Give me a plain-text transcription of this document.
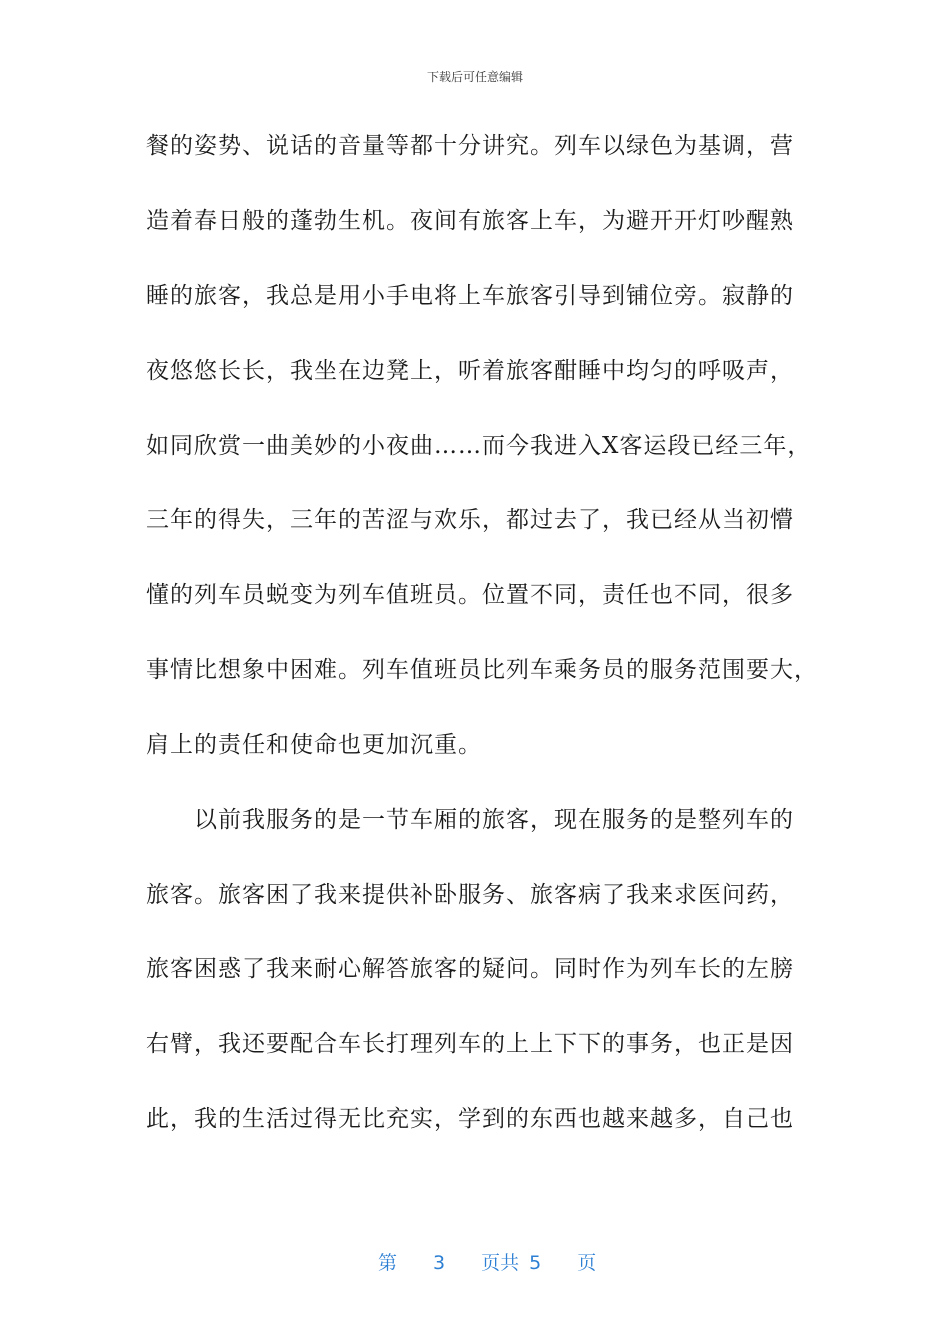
下载后可任意编辑
餐的姿势、说话的音量等都十分讲究。列车以绿色为基调，营
造着春日般的蓬勃生机。夜间有旅客上车，为避开开灯吵醒熟
睡的旅客，我总是用小手电将上车旅客引导到铺位旁。寂静的
夜悠悠长长，我坐在边凳上，听着旅客酣睡中均匀的呼吸声，
如同欣赏一曲美妙的小夜曲……而今我进入X客运段已经三年，
三年的得失，三年的苦涩与欢乐，都过去了，我已经从当初懵
懂的列车员蜕变为列车值班员。位置不同，责任也不同，很多
事情比想象中困难。列车值班员比列车乘务员的服务范围要大，
肩上的责任和使命也更加沉重。
以前我服务的是一节车厢的旅客，现在服务的是整列车的
旅客。旅客困了我来提供补卧服务、旅客病了我来求医问药，
旅客困惑了我来耐心解答旅客的疑问。同时作为列车长的左膀
右臂，我还要配合车长打理列车的上上下下的事务，也正是因
此，我的生活过得无比充实，学到的东西也越来越多，自己也

第 3 页共 5 页
